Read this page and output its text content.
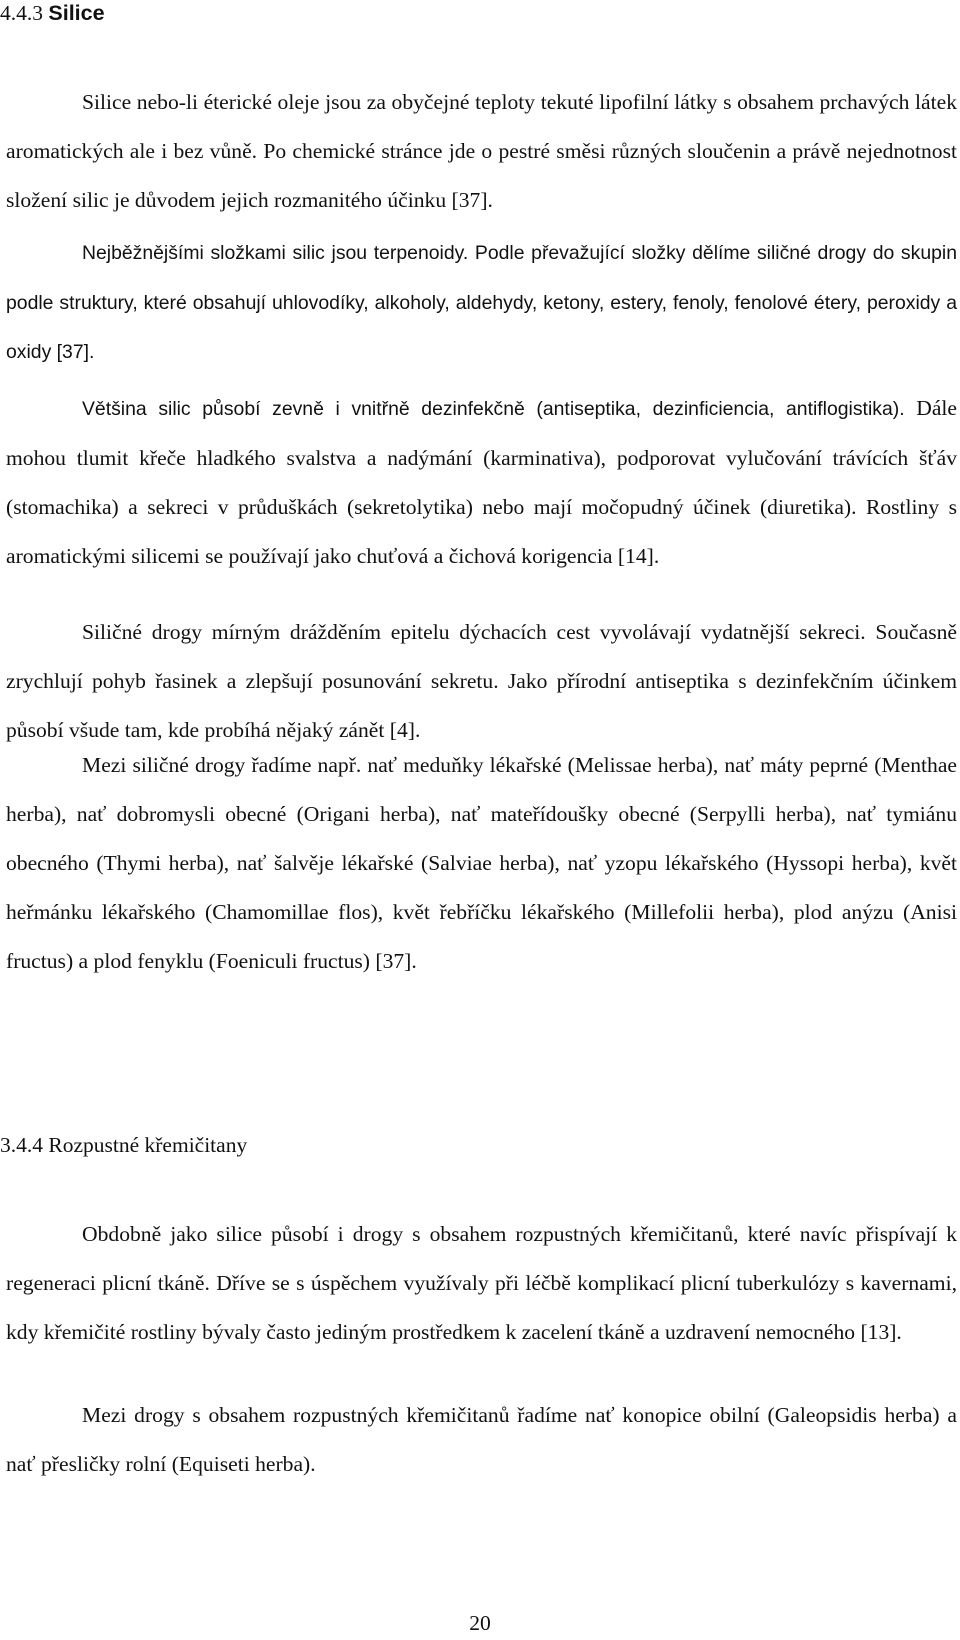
4.4.3 Silice

Silice nebo-li éterické oleje jsou za obyčejné teploty tekuté lipofilní látky s obsahem prchavých látek aromatických ale i bez vůně. Po chemické stránce jde o pestré směsi různých sloučenin a právě nejednotnost složení silic je důvodem jejich rozmanitého účinku [37].

Nejběžnějšími složkami silic jsou terpenoidy. Podle převažující složky dělíme siličné drogy do skupin podle struktury, které obsahují uhlovodíky, alkoholy, aldehydy, ketony, estery, fenoly, fenolové étery, peroxidy a oxidy [37].

Většina silic působí zevně i vnitřně dezinfekčně (antiseptika, dezinficiencia, antiflogistika). Dále mohou tlumit křeče hladkého svalstva a nadýmání (karminativa), podporovat vylučování trávících šťáv (stomachika) a sekreci v průduškách (sekretolytika) nebo mají močopudný účinek (diuretika). Rostliny s aromatickými silicemi se používají jako chuťová a čichová korigencia [14].

Siličné drogy mírným drážděním epitelu dýchacích cest vyvolávají vydatnější sekreci. Současně zrychlují pohyb řasinek a zlepšují posunování sekretu. Jako přírodní antiseptika s dezinfekčním účinkem působí všude tam, kde probíhá nějaký zánět [4].

Mezi siličné drogy řadíme např. nať meduňky lékařské (Melissae herba), nať máty peprné (Menthae herba), nať dobromysli obecné (Origani herba), nať mateřídoušky obecné (Serpylli herba), nať tymiánu obecného (Thymi herba), nať šalvěje lékařské (Salviae herba), nať yzopu lékařského (Hyssopi herba), květ heřmánku lékařského (Chamomillae flos), květ řebříčku lékařského (Millefolii herba), plod anýzu (Anisi fructus) a plod fenyklu (Foeniculi fructus) [37].

3.4.4 Rozpustné křemičitany

Obdobně jako silice působí i drogy s obsahem rozpustných křemičitanů, které navíc přispívají k regeneraci plicní tkáně. Dříve se s úspěchem využívaly při léčbě komplikací plicní tuberkulózy s kavernami, kdy křemičité rostliny bývaly často jediným prostředkem k zacelení tkáně a uzdravení nemocného [13].

Mezi drogy s obsahem rozpustných křemičitanů řadíme nať konopice obilní (Galeopsidis herba) a nať přesličky rolní (Equiseti herba).

20
